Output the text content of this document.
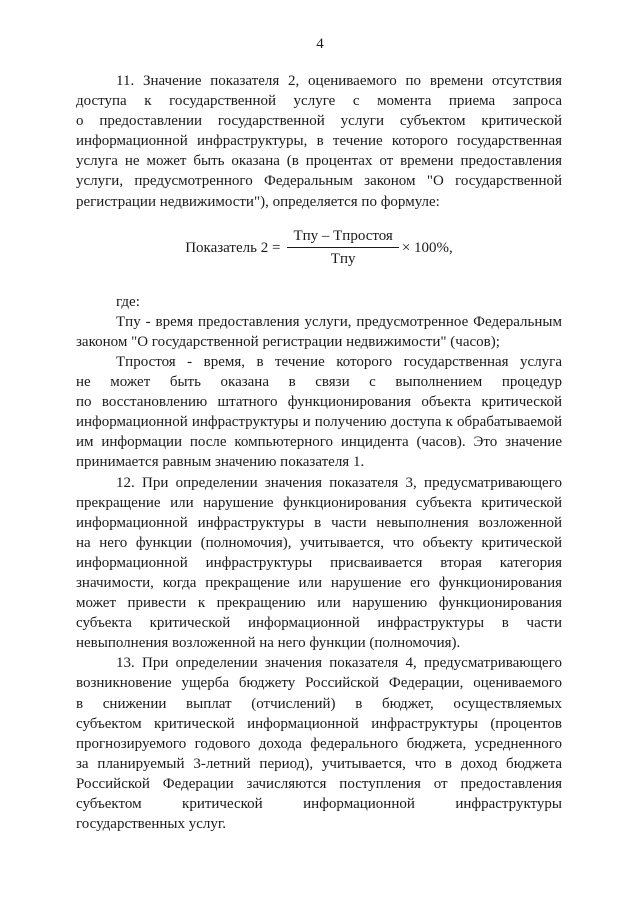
4
11. Значение показателя 2, оцениваемого по времени отсутствия
доступа к государственной услуге с момента приема запроса
о предоставлении государственной услуги субъектом критической
информационной инфраструктуры, в течение которого государственная
услуга не может быть оказана (в процентах от времени предоставления
услуги, предусмотренного Федеральным законом "О государственной
регистрации недвижимости"), определяется по формуле:
Показатель $2 = \frac{\text{Tпу – Tпростоя}}{\text{Tпу}} \times 100\%$,
где:
Tпу - время предоставления услуги, предусмотренное Федеральным
законом "О государственной регистрации недвижимости" (часов);
Tпростоя - время, в течение которого государственная услуга
не может быть оказана в связи с выполнением процедур
по восстановлению штатного функционирования объекта критической
информационной инфраструктуры и получению доступа к обрабатываемой
им информации после компьютерного инцидента (часов). Это значение
принимается равным значению показателя 1.
12. При определении значения показателя 3, предусматривающего
прекращение или нарушение функционирования субъекта критической
информационной инфраструктуры в части невыполнения возложенной
на него функции (полномочия), учитывается, что объекту критической
информационной инфраструктуры присваивается вторая категория
значимости, когда прекращение или нарушение его функционирования
может привести к прекращению или нарушению функционирования
субъекта критической информационной инфраструктуры в части
невыполнения возложенной на него функции (полномочия).
13. При определении значения показателя 4, предусматривающего
возникновение ущерба бюджету Российской Федерации, оцениваемого
в снижении выплат (отчислений) в бюджет, осуществляемых
субъектом критической информационной инфраструктуры (процентов
прогнозируемого годового дохода федерального бюджета, усредненного
за планируемый 3-летний период), учитывается, что в доход бюджета
Российской Федерации зачисляются поступления от предоставления
субъектом критической информационной инфраструктуры
государственных услуг.
